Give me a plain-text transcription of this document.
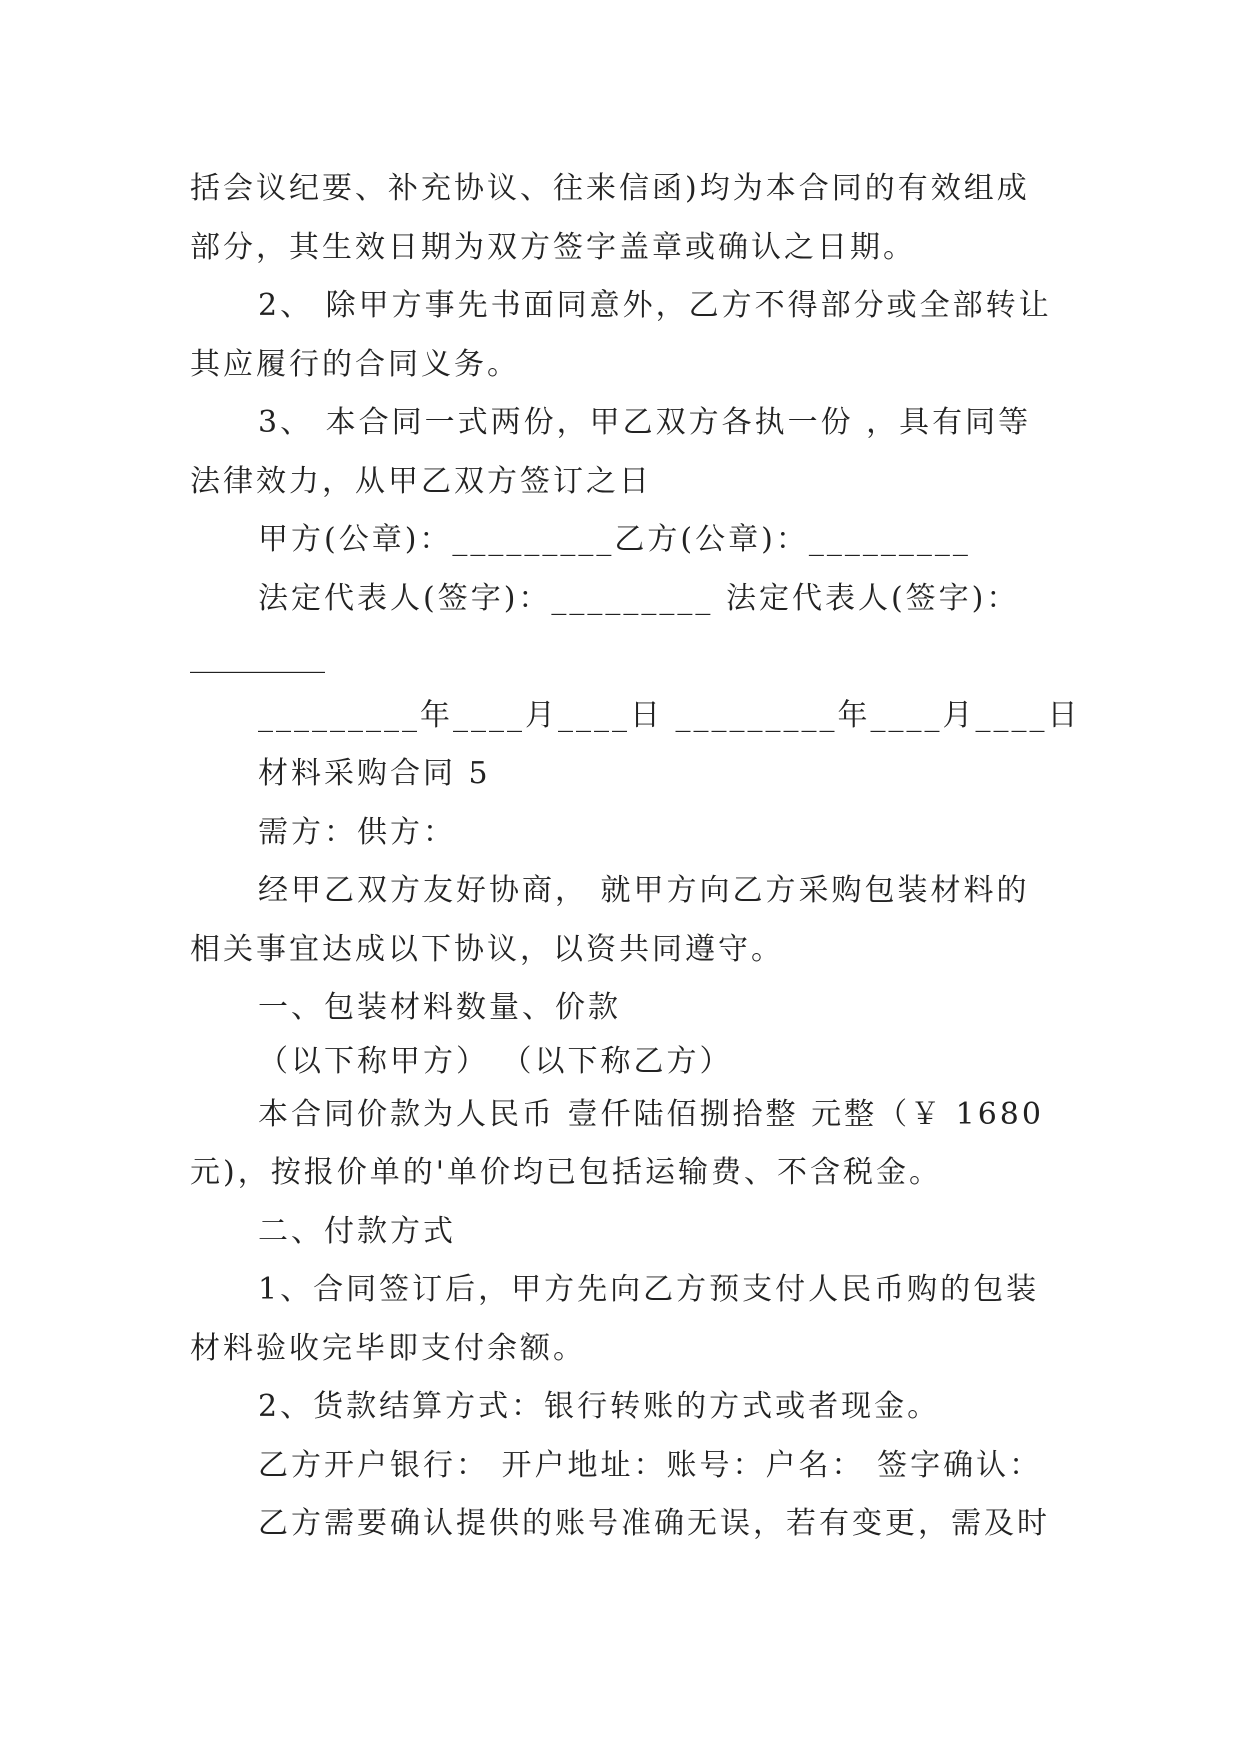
括会议纪要、补充协议、往来信函)均为本合同的有效组成
部分，其生效日期为双方签字盖章或确认之日期。
2、 除甲方事先书面同意外，乙方不得部分或全部转让
其应履行的合同义务。
3、 本合同一式两份，甲乙双方各执一份 ，具有同等
法律效力，从甲乙双方签订之日
甲方(公章)：_________乙方(公章)：_________
法定代表人(签字)：_________ 法定代表人(签字)：
_________
_________年____月____日 _________年____月____日
材料采购合同 5
需方：供方：
经甲乙双方友好协商， 就甲方向乙方采购包装材料的
相关事宜达成以下协议，以资共同遵守。
一、包装材料数量、价款
（以下称甲方） （以下称乙方）
本合同价款为人民币 壹仟陆佰捌拾整 元整（￥ 1680
元)，按报价单的'单价均已包括运输费、不含税金。
二、付款方式
1、合同签订后，甲方先向乙方预支付人民币购的包装
材料验收完毕即支付余额。
2、货款结算方式：银行转账的方式或者现金。
乙方开户银行： 开户地址：账号：户名： 签字确认：
乙方需要确认提供的账号准确无误，若有变更，需及时
